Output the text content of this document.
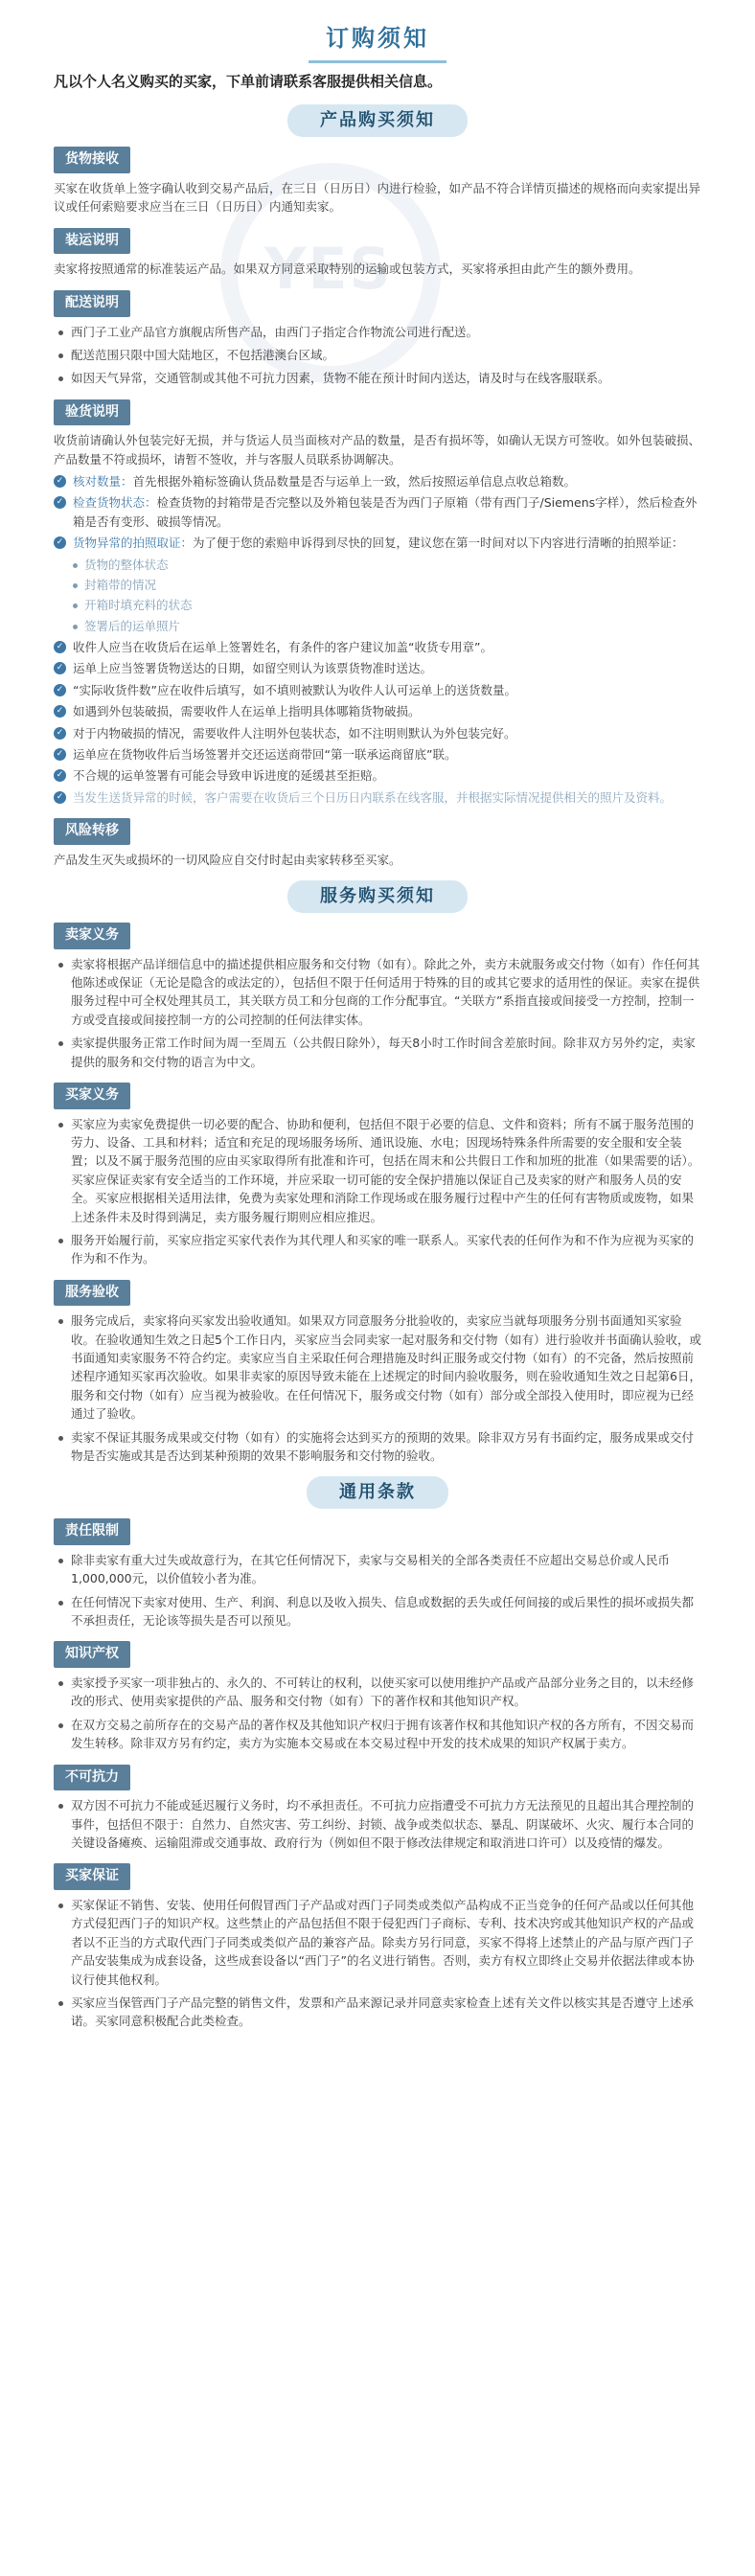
YES
订购须知
凡以个人名义购买的买家，下单前请联系客服提供相关信息。
产品购买须知
货物接收
买家在收货单上签字确认收到交易产品后，在三日（日历日）内进行检验，如产品不符合详情页描述的规格而向卖家提出异议或任何索赔要求应当在三日（日历日）内通知卖家。
装运说明
卖家将按照通常的标准装运产品。如果双方同意采取特别的运输或包装方式，买家将承担由此产生的额外费用。
配送说明
西门子工业产品官方旗舰店所售产品，由西门子指定合作物流公司进行配送。
配送范围只限中国大陆地区，不包括港澳台区域。
如因天气异常，交通管制或其他不可抗力因素，货物不能在预计时间内送达，请及时与在线客服联系。
验货说明
收货前请确认外包装完好无损，并与货运人员当面核对产品的数量，是否有损坏等，如确认无误方可签收。如外包装破损、产品数量不符或损坏，请暂不签收，并与客服人员联系协调解决。
✓ 核对数量：首先根据外箱标签确认货品数量是否与运单上一致，然后按照运单信息点收总箱数。
✓ 检查货物状态：检查货物的封箱带是否完整以及外箱包装是否为西门子原箱（带有西门子/Siemens字样），然后检查外箱是否有变形、破损等情况。
✓ 货物异常的拍照取证：为了便于您的索赔申诉得到尽快的回复，建议您在第一时间对以下内容进行清晰的拍照举证：
货物的整体状态
封箱带的情况
开箱时填充料的状态
签署后的运单照片
✓ 收件人应当在收货后在运单上签署姓名，有条件的客户建议加盖“收货专用章”。
✓ 运单上应当签署货物送达的日期，如留空则认为该票货物准时送达。
✓ “实际收货件数”应在收件后填写，如不填则被默认为收件人认可运单上的送货数量。
✓ 如遇到外包装破损，需要收件人在运单上指明具体哪箱货物破损。
✓ 对于内物破损的情况，需要收件人注明外包装状态，如不注明则默认为外包装完好。
✓ 运单应在货物收件后当场签署并交还运送商带回“第一联承运商留底”联。
✓ 不合规的运单签署有可能会导致申诉进度的延缓甚至拒赔。
✓ 当发生送货异常的时候，客户需要在收货后三个日历日内联系在线客服，并根据实际情况提供相关的照片及资料。
风险转移
产品发生灭失或损坏的一切风险应自交付时起由卖家转移至买家。
服务购买须知
卖家义务
卖家将根据产品详细信息中的描述提供相应服务和交付物（如有）。除此之外，卖方未就服务或交付物（如有）作任何其他陈述或保证（无论是隐含的或法定的），包括但不限于任何适用于特殊的目的或其它要求的适用性的保证。卖家在提供服务过程中可全权处理其员工，其关联方员工和分包商的工作分配事宜。“关联方”系指直接或间接受一方控制，控制一方或受直接或间接控制一方的公司控制的任何法律实体。
卖家提供服务正常工作时间为周一至周五（公共假日除外），每天8小时工作时间含差旅时间。除非双方另外约定，卖家提供的服务和交付物的语言为中文。
买家义务
买家应为卖家免费提供一切必要的配合、协助和便利，包括但不限于必要的信息、文件和资料；所有不属于服务范围的劳力、设备、工具和材料；适宜和充足的现场服务场所、通讯设施、水电；因现场特殊条件所需要的安全服和安全装置；以及不属于服务范围的应由买家取得所有批准和许可，包括在周末和公共假日工作和加班的批准（如果需要的话）。买家应保证卖家有安全适当的工作环境，并应采取一切可能的安全保护措施以保证自己及卖家的财产和服务人员的安全。买家应根据相关适用法律，免费为卖家处理和消除工作现场或在服务履行过程中产生的任何有害物质或废物，如果上述条件未及时得到满足，卖方服务履行期则应相应推迟。
服务开始履行前，买家应指定买家代表作为其代理人和买家的唯一联系人。买家代表的任何作为和不作为应视为买家的作为和不作为。
服务验收
服务完成后，卖家将向买家发出验收通知。如果双方同意服务分批验收的，卖家应当就每项服务分别书面通知买家验收。在验收通知生效之日起5个工作日内，买家应当会同卖家一起对服务和交付物（如有）进行验收并书面确认验收，或书面通知卖家服务不符合约定。卖家应当自主采取任何合理措施及时纠正服务或交付物（如有）的不完备，然后按照前述程序通知买家再次验收。如果非卖家的原因导致未能在上述规定的时间内验收服务，则在验收通知生效之日起第6日，服务和交付物（如有）应当视为被验收。在任何情况下，服务或交付物（如有）部分或全部投入使用时，即应视为已经通过了验收。
卖家不保证其服务成果或交付物（如有）的实施将会达到买方的预期的效果。除非双方另有书面约定，服务成果或交付物是否实施或其是否达到某种预期的效果不影响服务和交付物的验收。
通用条款
责任限制
除非卖家有重大过失或故意行为，在其它任何情况下，卖家与交易相关的全部各类责任不应超出交易总价或人民币1,000,000元，以价值较小者为准。
在任何情况下卖家对使用、生产、利润、利息以及收入损失、信息或数据的丢失或任何间接的或后果性的损坏或损失都不承担责任，无论该等损失是否可以预见。
知识产权
卖家授予买家一项非独占的、永久的、不可转让的权利，以使买家可以使用维护产品或产品部分业务之目的，以未经修改的形式、使用卖家提供的产品、服务和交付物（如有）下的著作权和其他知识产权。
在双方交易之前所存在的交易产品的著作权及其他知识产权归于拥有该著作权和其他知识产权的各方所有，不因交易而发生转移。除非双方另有约定，卖方为实施本交易或在本交易过程中开发的技术成果的知识产权属于卖方。
不可抗力
双方因不可抗力不能或延迟履行义务时，均不承担责任。不可抗力应指遭受不可抗力方无法预见的且超出其合理控制的事件，包括但不限于：自然力、自然灾害、劳工纠纷、封锁、战争或类似状态、暴乱、阴谋破坏、火灾、履行本合同的关键设备瘫痪、运输阻滞或交通事故、政府行为（例如但不限于修改法律规定和取消进口许可）以及疫情的爆发。
买家保证
买家保证不销售、安装、使用任何假冒西门子产品或对西门子同类或类似产品构成不正当竞争的任何产品或以任何其他方式侵犯西门子的知识产权。这些禁止的产品包括但不限于侵犯西门子商标、专利、技术决窍或其他知识产权的产品或者以不正当的方式取代西门子同类或类似产品的兼容产品。除卖方另行同意，买家不得将上述禁止的产品与原产西门子产品安装集成为成套设备，这些成套设备以“西门子”的名义进行销售。否则，卖方有权立即终止交易并依据法律或本协议行使其他权利。
买家应当保管西门子产品完整的销售文件，发票和产品来源记录并同意卖家检查上述有关文件以核实其是否遵守上述承诺。买家同意积极配合此类检查。
